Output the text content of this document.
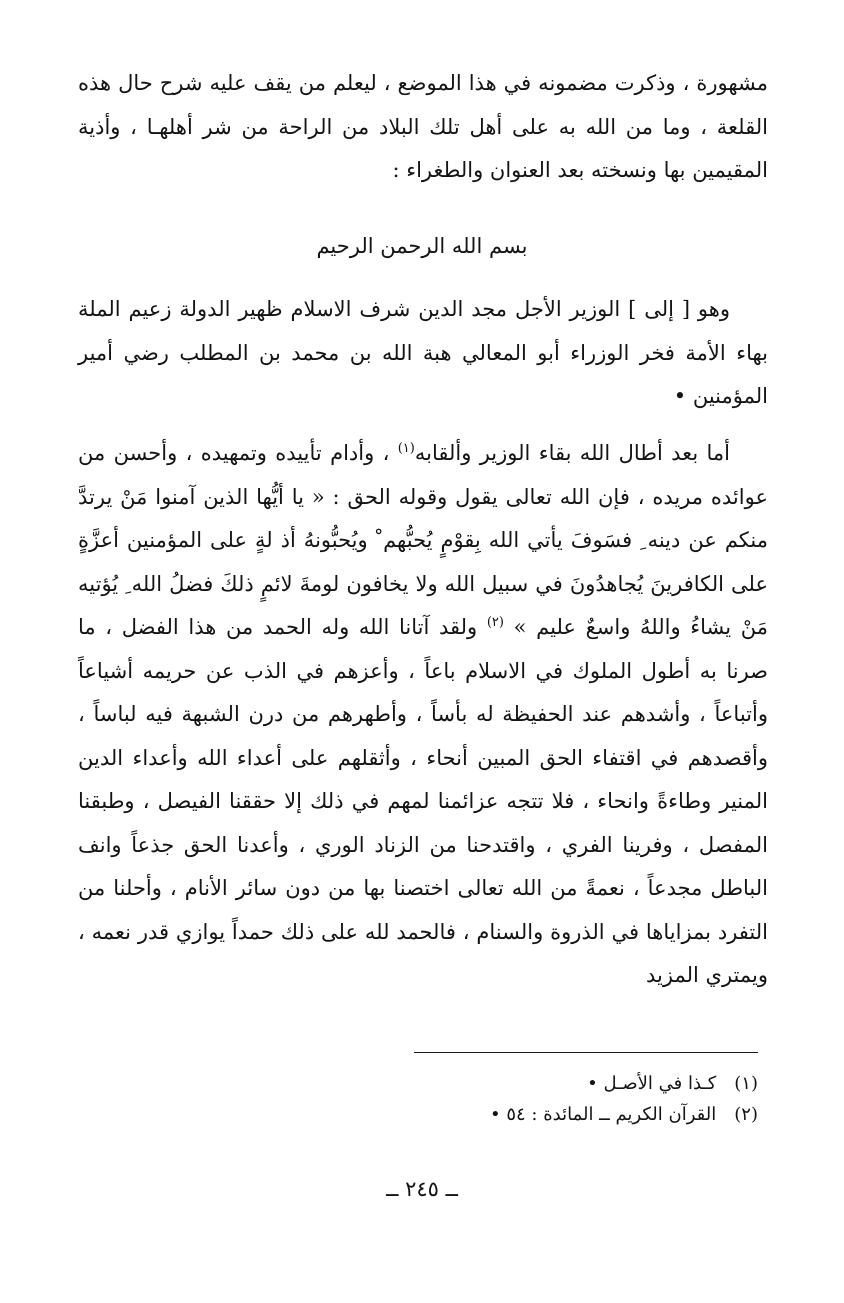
مشهورة ، وذكرت مضمونه في هذا الموضع ، ليعلم من يقف عليه شرح حال هذه القلعة ، وما من الله به على أهل تلك البلاد من الراحة من شر أهلهـا ، وأذية المقيمين بها ونسخته بعد العنوان والطغراء :

بسم الله الرحمن الرحيم

وهو [ إلى ] الوزير الأجل مجد الدين شرف الاسلام ظهير الدولة زعيم الملة بهاء الأمة فخر الوزراء أبو المعالي هبة الله بن محمد بن المطلب رضي أمير المؤمنين •

أما بعد أطال الله بقاء الوزير وألقابه$^{(١)}$ ، وأدام تأييده وتمهيده ، وأحسن من عوائده مريده ، فإن الله تعالى يقول وقوله الحق : « يا أيُّها الذين آمنوا مَنْ يرتدَّ منكم عن دينه ِ فسَوفَ يأتي الله بِقوْمٍ يُحبُّهم ْ ويُحبُّونهُ أذ لةٍ على المؤمنين أعزَّةٍ على الكافرينَ يُجاهدُونَ في سبيل الله ولا يخافون لومةَ لائمٍ ذلكَ فضلُ الله ِ يُؤتيه مَنْ يشاءُ واللهُ واسعٌ عليم » $^{(٢)}$ ولقد آتانا الله وله الحمد من هذا الفضل ، ما صرنا به أطول الملوك في الاسلام باعاً ، وأعزهم في الذب عن حريمه أشياعاً وأتباعاً ، وأشدهم عند الحفيظة له بأساً ، وأطهرهم من درن الشبهة فيه لباساً ، وأقصدهم في اقتفاء الحق المبين أنحاء ، وأثقلهم على أعداء الله وأعداء الدين المنير وطاءةً وانحاء ، فلا تتجه عزائمنا لمهم في ذلك إلا حققنا الفيصل ، وطبقنا المفصل ، وفرينا الفري ، واقتدحنا من الزناد الوري ، وأعدنا الحق جذعاً وانف الباطل مجدعاً ، نعمةً من الله تعالى اختصنا بها من دون سائر الأنام ، وأحلنا من التفرد بمزاياها في الذروة والسنام ، فالحمد لله على ذلك حمداً يوازي قدر نعمه ، ويمتري المزيد

(١) كـذا في الأصـل •
(٢) القرآن الكريم ــ المائدة : ٥٤ •
ــ ٢٤٥ ــ
